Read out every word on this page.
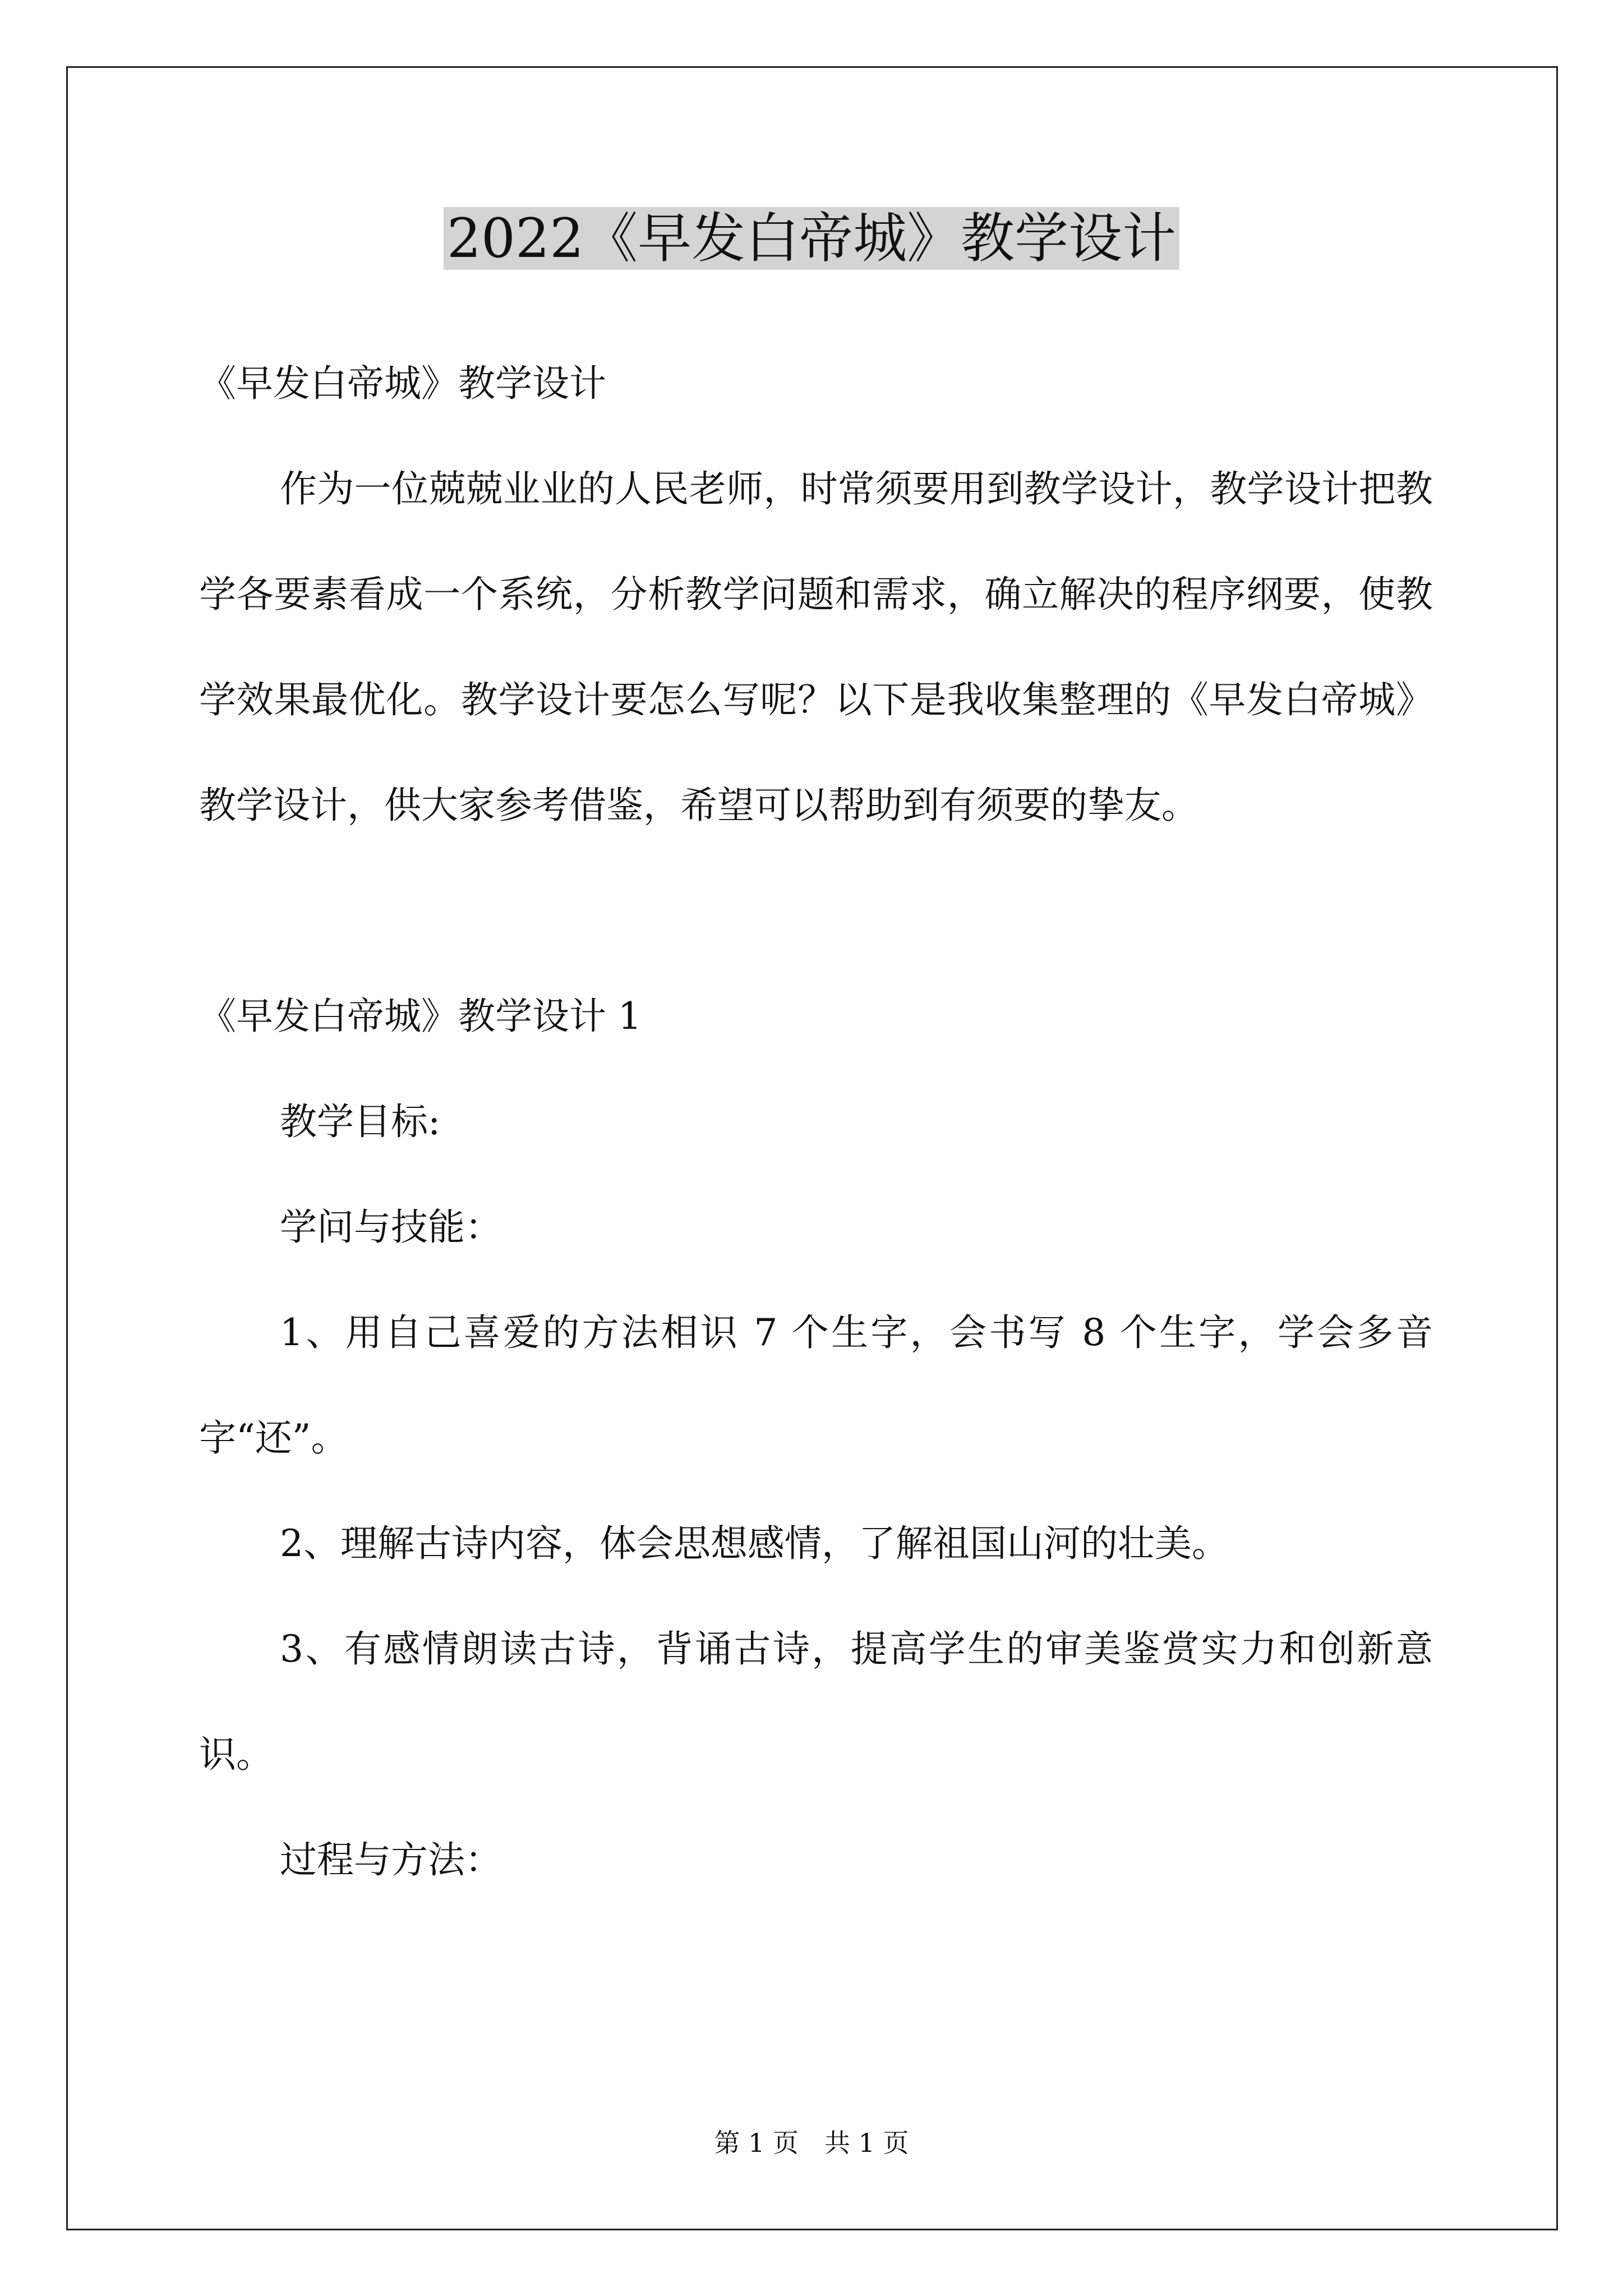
2022《早发白帝城》教学设计

《早发白帝城》教学设计

作为一位兢兢业业的人民老师，时常须要用到教学设计，教学设计把教学各要素看成一个系统，分析教学问题和需求，确立解决的程序纲要，使教学效果最优化。教学设计要怎么写呢？以下是我收集整理的《早发白帝城》教学设计，供大家参考借鉴，希望可以帮助到有须要的挚友。

《早发白帝城》教学设计 1

教学目标:

学问与技能：

1、用自己喜爱的方法相识 7 个生字，会书写 8 个生字，学会多音字“还”。

2、理解古诗内容，体会思想感情，了解祖国山河的壮美。

3、有感情朗读古诗，背诵古诗，提高学生的审美鉴赏实力和创新意识。

过程与方法：

第 1 页　共 1 页
